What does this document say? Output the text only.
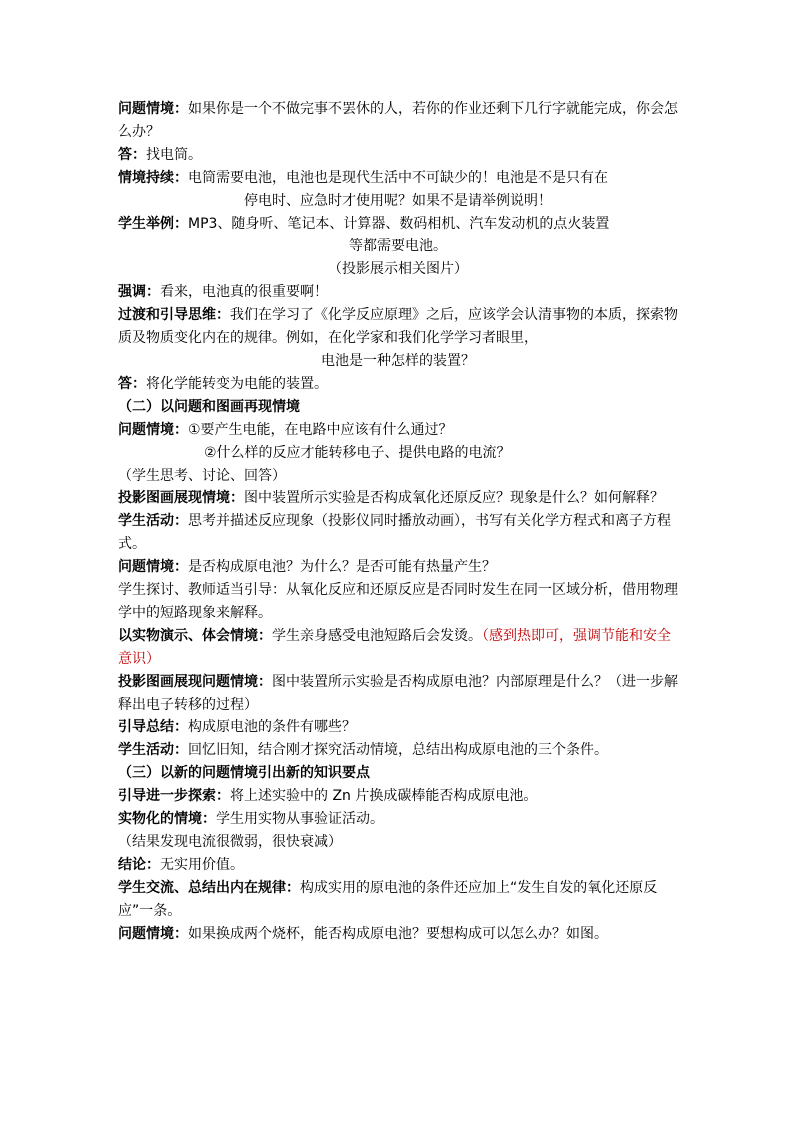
问题情境：如果你是一个不做完事不罢休的人，若你的作业还剩下几行字就能完成，你会怎么办？

答：找电筒。

情境持续：电筒需要电池，电池也是现代生活中不可缺少的！电池是不是只有在

停电时、应急时才使用呢？如果不是请举例说明！

学生举例：MP3、随身听、笔记本、计算器、数码相机、汽车发动机的点火装置

等都需要电池。

（投影展示相关图片）

强调：看来，电池真的很重要啊！

过渡和引导思维：我们在学习了《化学反应原理》之后，应该学会认清事物的本质，探索物质及物质变化内在的规律。例如，在化学家和我们化学学习者眼里，

电池是一种怎样的装置？

答：将化学能转变为电能的装置。

（二）以问题和图画再现情境

问题情境：①要产生电能，在电路中应该有什么通过？

②什么样的反应才能转移电子、提供电路的电流？

（学生思考、讨论、回答）

投影图画展现情境：图中装置所示实验是否构成氧化还原反应？现象是什么？如何解释？

学生活动：思考并描述反应现象（投影仪同时播放动画），书写有关化学方程式和离子方程式。

问题情境：是否构成原电池？为什么？是否可能有热量产生？

学生探讨、教师适当引导：从氧化反应和还原反应是否同时发生在同一区域分析，借用物理学中的短路现象来解释。

以实物演示、体会情境：学生亲身感受电池短路后会发烫。（感到热即可，强调节能和安全意识）

投影图画展现问题情境：图中装置所示实验是否构成原电池？内部原理是什么？（进一步解释出电子转移的过程）

引导总结：构成原电池的条件有哪些？

学生活动：回忆旧知，结合刚才探究活动情境，总结出构成原电池的三个条件。

（三）以新的问题情境引出新的知识要点

引导进一步探索：将上述实验中的 Zn 片换成碳棒能否构成原电池。

实物化的情境：学生用实物从事验证活动。

（结果发现电流很微弱，很快衰减）

结论：无实用价值。

学生交流、总结出内在规律：构成实用的原电池的条件还应加上“发生自发的氧化还原反应”一条。

问题情境：如果换成两个烧杯，能否构成原电池？要想构成可以怎么办？如图。
